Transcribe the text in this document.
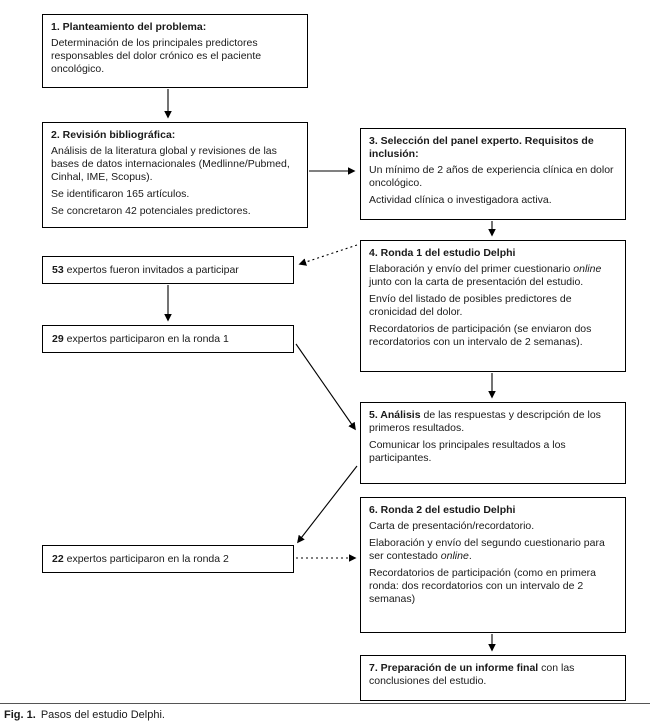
1. Planteamiento del problema:

Determinación de los principales predictores responsables del dolor crónico es el paciente oncológico.

2. Revisión bibliográfica:

Análisis de la literatura global y revisiones de las bases de datos internacionales (Medlinne/Pubmed, Cinhal, IME, Scopus).

Se identificaron 165 artículos.

Se concretaron 42 potenciales predictores.

3. Selección del panel experto. Requisitos de inclusión:

Un mínimo de 2 años de experiencia clínica en dolor oncológico.

Actividad clínica o investigadora activa.

53 expertos fueron invitados a participar
4. Ronda 1 del estudio Delphi

Elaboración y envío del primer cuestionario online junto con la carta de presentación del estudio.

Envío del listado de posibles predictores de cronicidad del dolor.

Recordatorios de participación (se enviaron dos recordatorios con un intervalo de 2 semanas).

29 expertos participaron en la ronda 1

5. Análisis de las respuestas y descripción de los primeros resultados.

Comunicar los principales resultados a los participantes.

22 expertos participaron en la ronda 2
6. Ronda 2 del estudio Delphi

Carta de presentación/recordatorio.

Elaboración y envío del segundo cuestionario para ser contestado online.

Recordatorios de participación (como en primera ronda: dos recordatorios con un intervalo de 2 semanas)

7. Preparación de un informe final con las conclusiones del estudio.

Fig. 1. Pasos del estudio Delphi.
